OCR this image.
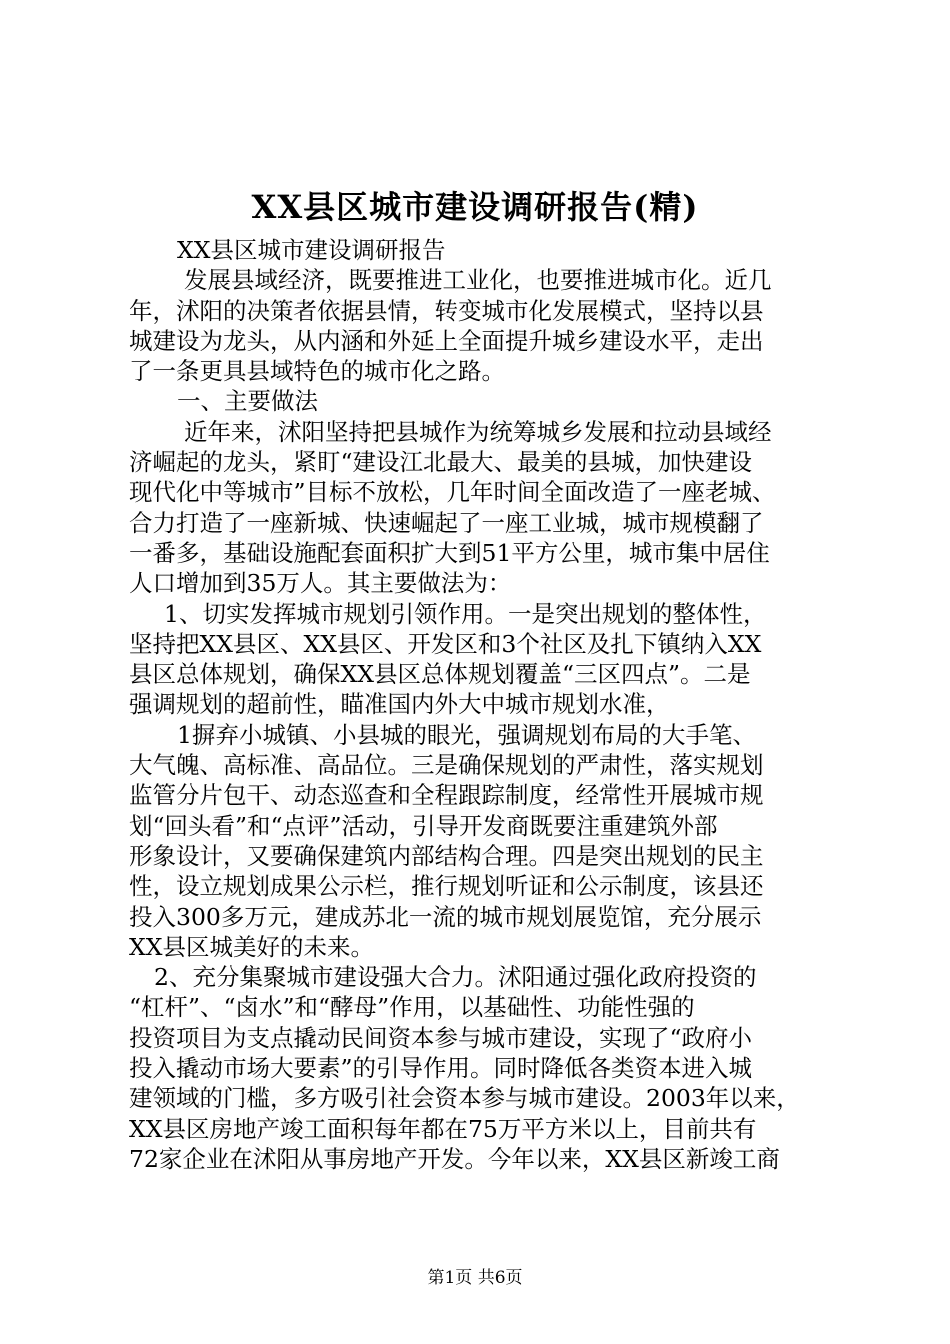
XX县区城市建设调研报告(精)
XX县区城市建设调研报告
发展县域经济，既要推进工业化，也要推进城市化。近几
年，沭阳的决策者依据县情，转变城市化发展模式，坚持以县
城建设为龙头，从内涵和外延上全面提升城乡建设水平，走出
了一条更具县域特色的城市化之路。
一、主要做法
近年来，沭阳坚持把县城作为统筹城乡发展和拉动县域经
济崛起的龙头，紧盯“建设江北最大、最美的县城，加快建设
现代化中等城市”目标不放松，几年时间全面改造了一座老城、
合力打造了一座新城、快速崛起了一座工业城，城市规模翻了
一番多，基础设施配套面积扩大到51平方公里，城市集中居住
人口增加到35万人。其主要做法为：
1、切实发挥城市规划引领作用。一是突出规划的整体性，
坚持把XX县区、XX县区、开发区和3个社区及扎下镇纳入XX
县区总体规划，确保XX县区总体规划覆盖“三区四点”。二是
强调规划的超前性，瞄准国内外大中城市规划水准，
1摒弃小城镇、小县城的眼光，强调规划布局的大手笔、
大气魄、高标准、高品位。三是确保规划的严肃性，落实规划
监管分片包干、动态巡查和全程跟踪制度，经常性开展城市规
划“回头看”和“点评”活动，引导开发商既要注重建筑外部
形象设计，又要确保建筑内部结构合理。四是突出规划的民主
性，设立规划成果公示栏，推行规划听证和公示制度，该县还
投入300多万元，建成苏北一流的城市规划展览馆，充分展示
XX县区城美好的未来。
2、充分集聚城市建设强大合力。沭阳通过强化政府投资的
“杠杆”、“卤水”和“酵母”作用，以基础性、功能性强的
投资项目为支点撬动民间资本参与城市建设，实现了“政府小
投入撬动市场大要素”的引导作用。同时降低各类资本进入城
建领域的门槛，多方吸引社会资本参与城市建设。2003年以来，
XX县区房地产竣工面积每年都在75万平方米以上，目前共有
72家企业在沭阳从事房地产开发。今年以来，XX县区新竣工商
第1页 共6页
